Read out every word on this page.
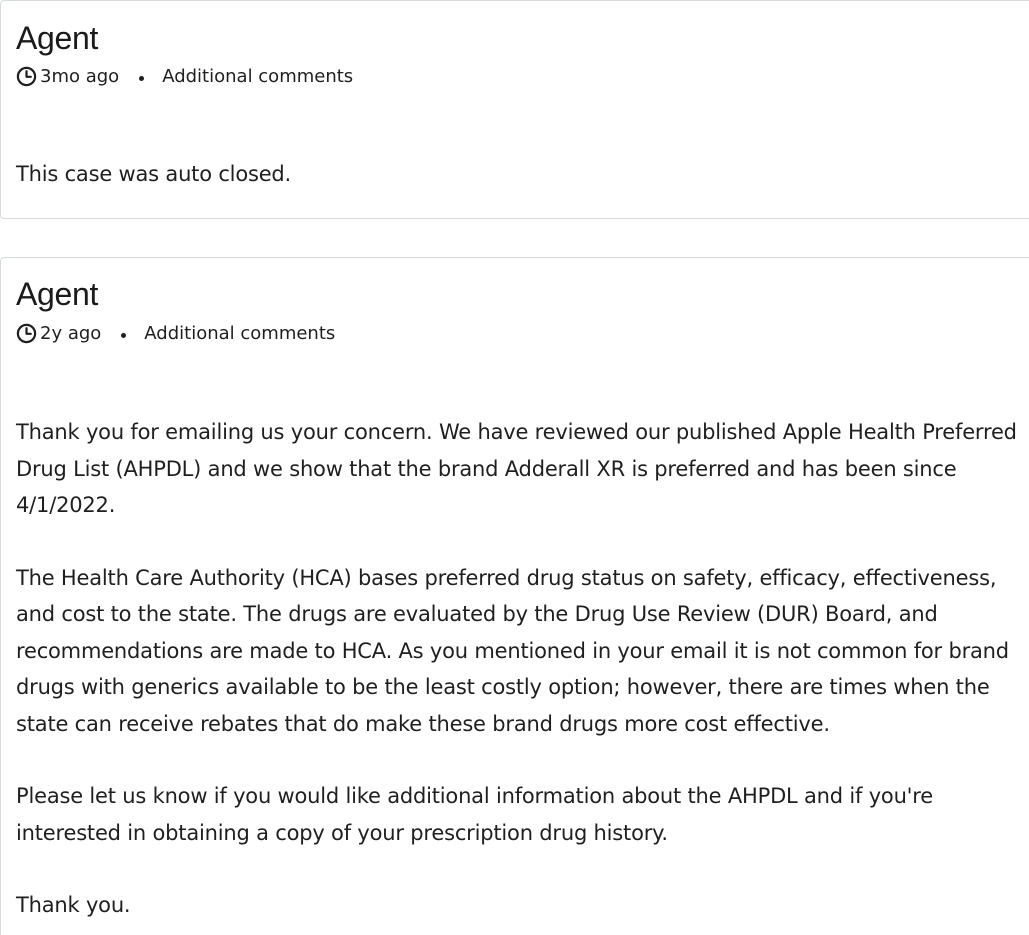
Agent
3mo ago Additional comments

This case was auto closed.

Agent
2y ago Additional comments

Thank you for emailing us your concern. We have reviewed our published Apple Health Preferred Drug List (AHPDL) and we show that the brand Adderall XR is preferred and has been since 4/1/2022.

The Health Care Authority (HCA) bases preferred drug status on safety, efficacy, effectiveness, and cost to the state. The drugs are evaluated by the Drug Use Review (DUR) Board, and recommendations are made to HCA. As you mentioned in your email it is not common for brand drugs with generics available to be the least costly option; however, there are times when the state can receive rebates that do make these brand drugs more cost effective.

Please let us know if you would like additional information about the AHPDL and if you're interested in obtaining a copy of your prescription drug history.

Thank you.
